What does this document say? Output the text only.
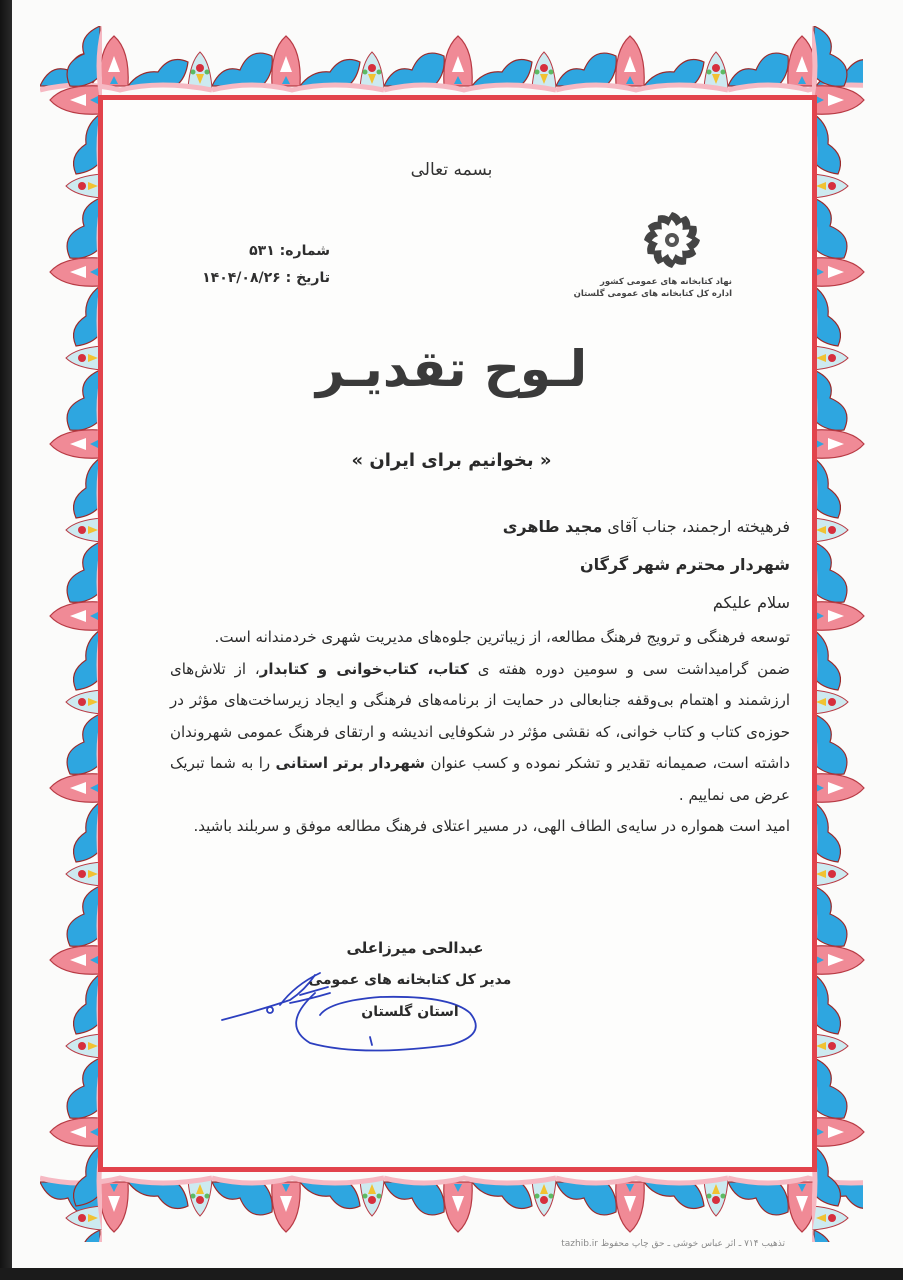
بسمه تعالی
نهاد کتابخانه های عمومی کشور
اداره کل کتابخانه های عمومی گلستان
شماره: ۵۳۱
تاریخ : ۱۴۰۴/۰۸/۲۶
لـوح تقدیـر
« بخوانیم برای ایران »

فرهیخته ارجمند، جناب آقای مجید طاهری

شهردار محترم شهر گرگان

سلام علیکم

توسعه فرهنگی و ترویج فرهنگ مطالعه، از زیباترین جلوه‌های مدیریت شهری خردمندانه است.

ضمن گرامیداشت سی و سومین دوره هفته ی کتاب، کتاب‌خوانی و کتابدار، از تلاش‌های ارزشمند و اهتمام بی‌وقفه جنابعالی در حمایت از برنامه‌های فرهنگی و ایجاد زیرساخت‌های مؤثر در حوزه‌ی کتاب و کتاب خوانی، که نقشی مؤثر در شکوفایی اندیشه و ارتقای فرهنگ عمومی شهروندان داشته است، صمیمانه تقدیر و تشکر نموده و کسب عنوان شهردار برتر استانی را به شما تبریک عرض می نماییم .

امید است همواره در سایه‌ی الطاف الهی، در مسیر اعتلای فرهنگ مطالعه موفق و سربلند باشید.

عبدالحی میرزاعلی
مدیر کل کتابخانه های عمومی
استان گلستان
tazhib.ir تذهیب ۷۱۴ ـ اثر عباس خوشی ـ حق چاپ محفوظ
